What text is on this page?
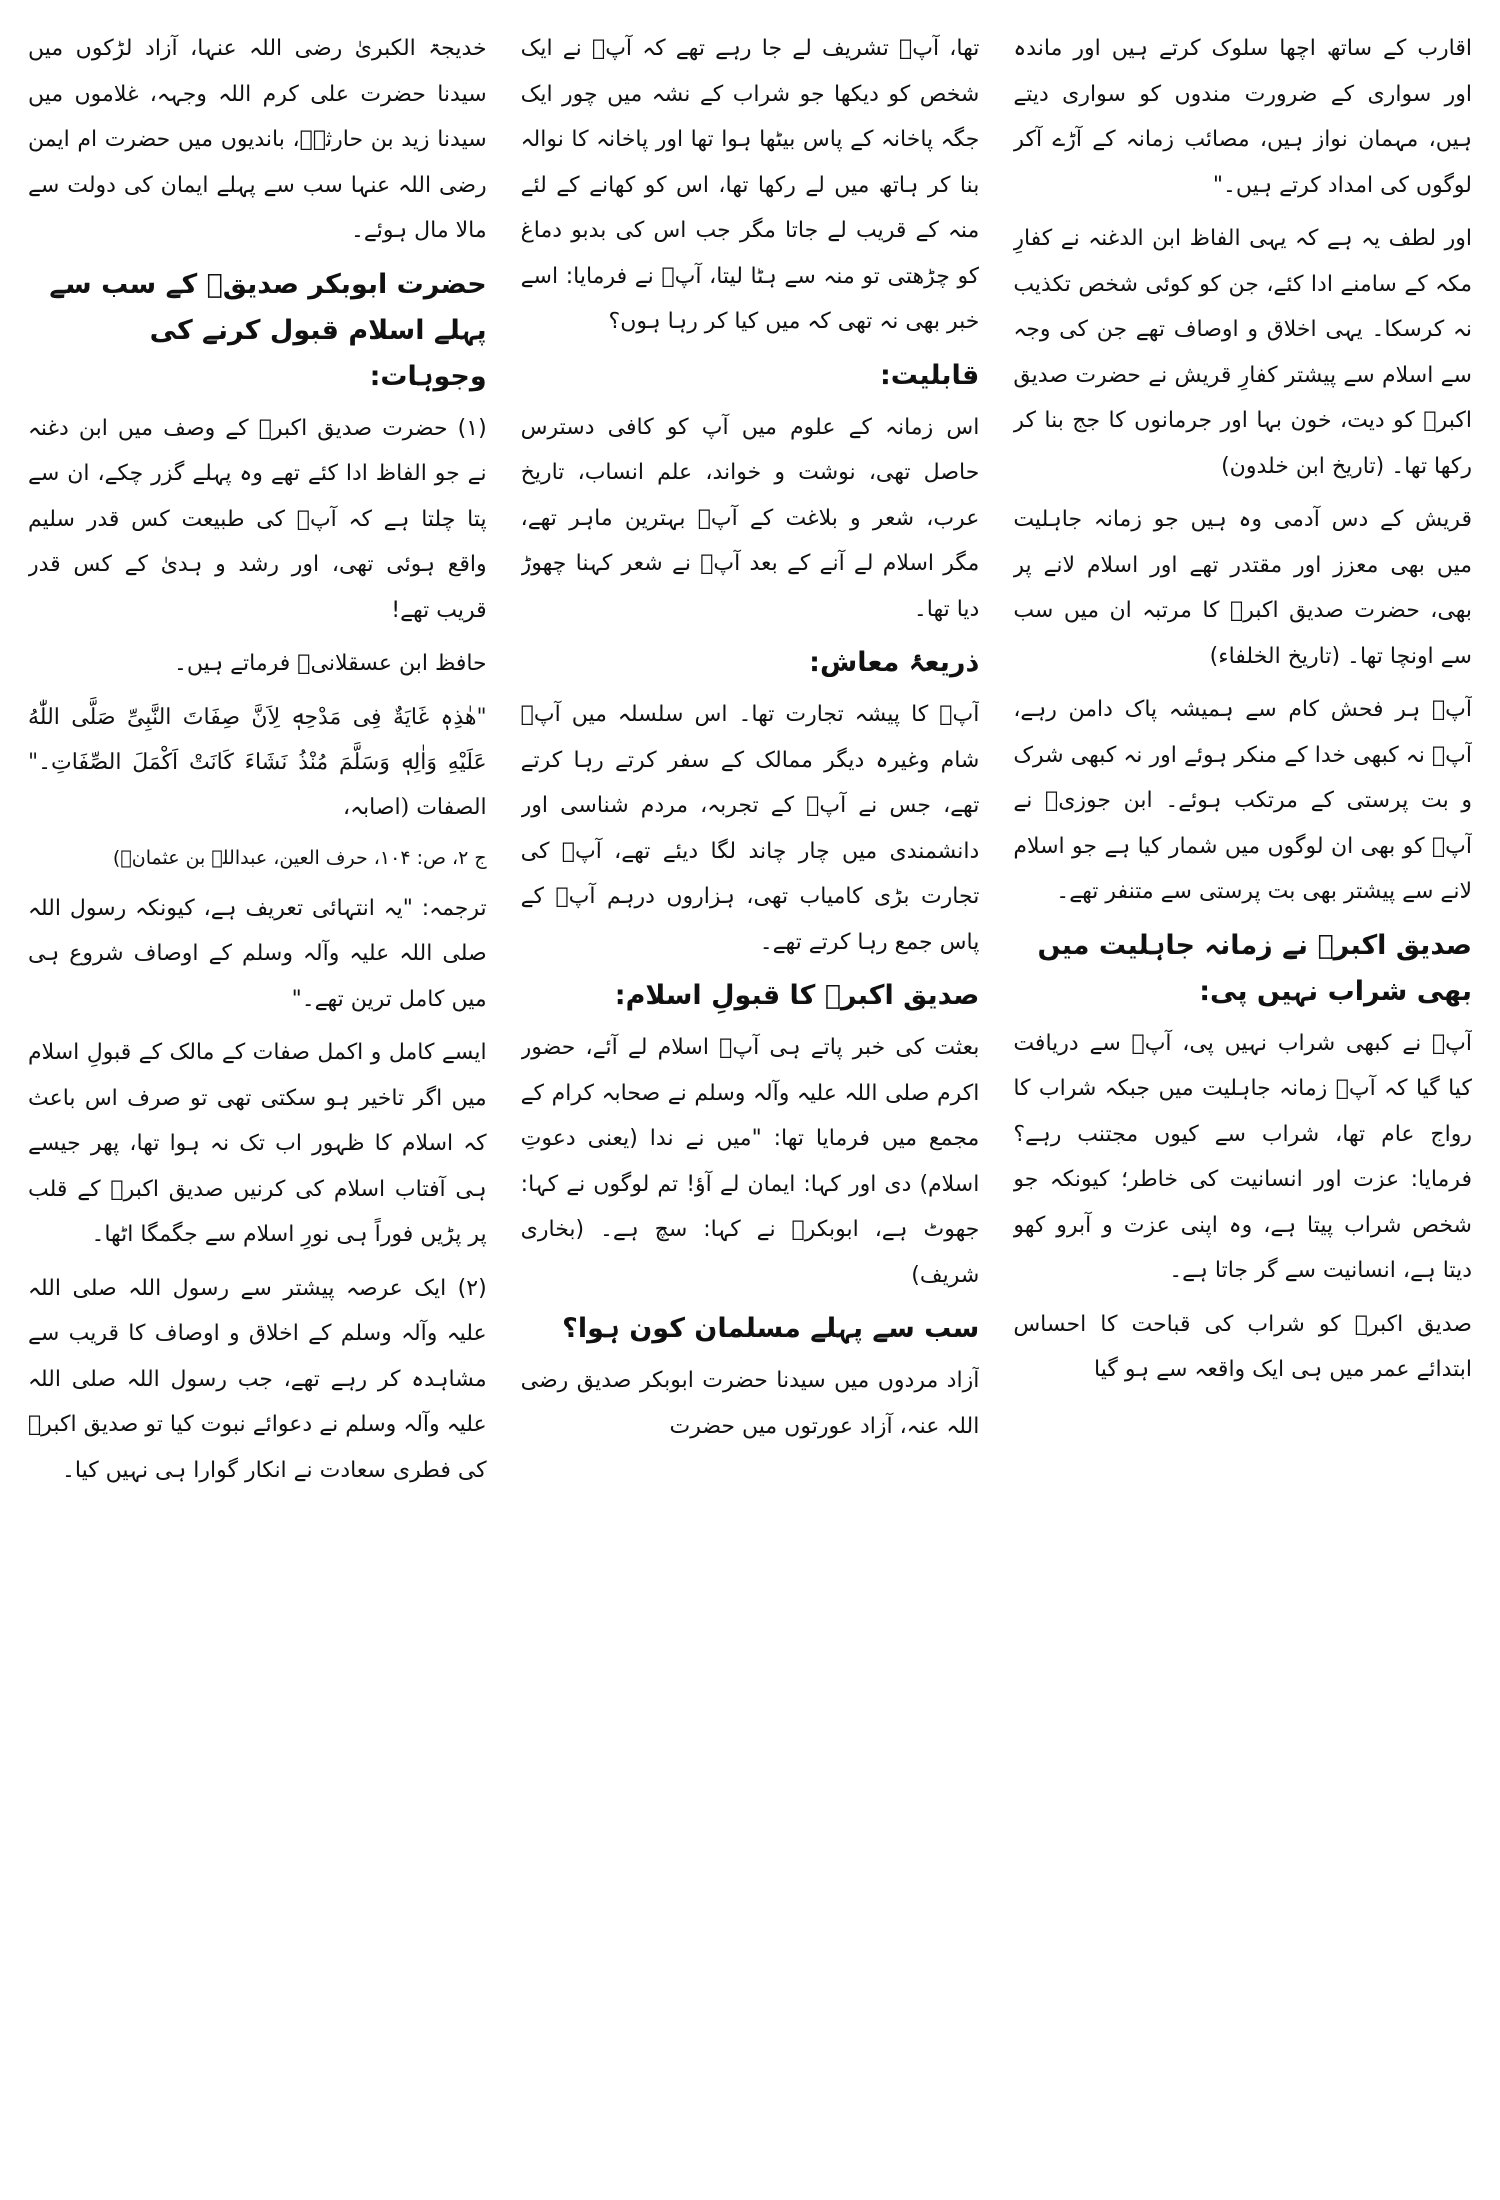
اقارب کے ساتھ اچھا سلوک کرتے ہیں اور ماندہ اور سواری کے ضرورت مندوں کو سواری دیتے ہیں، مہمان نواز ہیں، مصائب زمانہ کے آڑے آکر لوگوں کی امداد کرتے ہیں۔"

اور لطف یہ ہے کہ یہی الفاظ ابن الدغنہ نے کفارِ مکہ کے سامنے ادا کئے، جن کو کوئی شخص تکذیب نہ کرسکا۔ یہی اخلاق و اوصاف تھے جن کی وجہ سے اسلام سے پیشتر کفارِ قریش نے حضرت صدیق اکبرؓ کو دیت، خون بہا اور جرمانوں کا جج بنا کر رکھا تھا۔ (تاریخ ابن خلدون)

قریش کے دس آدمی وہ ہیں جو زمانہ جاہلیت میں بھی معزز اور مقتدر تھے اور اسلام لانے پر بھی، حضرت صدیق اکبرؓ کا مرتبہ ان میں سب سے اونچا تھا۔ (تاریخ الخلفاء)

آپؓ ہر فحش کام سے ہمیشہ پاک دامن رہے، آپؓ نہ کبھی خدا کے منکر ہوئے اور نہ کبھی شرک و بت پرستی کے مرتکب ہوئے۔ ابن جوزیؒ نے آپؓ کو بھی ان لوگوں میں شمار کیا ہے جو اسلام لانے سے پیشتر بھی بت پرستی سے متنفر تھے۔

صدیق اکبرؓ نے زمانہ جاہلیت میں بھی شراب نہیں پی:

آپؓ نے کبھی شراب نہیں پی، آپؓ سے دریافت کیا گیا کہ آپؓ زمانہ جاہلیت میں جبکہ شراب کا رواج عام تھا، شراب سے کیوں مجتنب رہے؟ فرمایا: عزت اور انسانیت کی خاطر؛ کیونکہ جو شخص شراب پیتا ہے، وہ اپنی عزت و آبرو کھو دیتا ہے، انسانیت سے گر جاتا ہے۔

صدیق اکبرؓ کو شراب کی قباحت کا احساس ابتدائے عمر میں ہی ایک واقعہ سے ہو گیا

تھا، آپؓ تشریف لے جا رہے تھے کہ آپؓ نے ایک شخص کو دیکھا جو شراب کے نشہ میں چور ایک جگہ پاخانہ کے پاس بیٹھا ہوا تھا اور پاخانہ کا نوالہ بنا کر ہاتھ میں لے رکھا تھا، اس کو کھانے کے لئے منہ کے قریب لے جاتا مگر جب اس کی بدبو دماغ کو چڑھتی تو منہ سے ہٹا لیتا، آپؓ نے فرمایا: اسے خبر بھی نہ تھی کہ میں کیا کر رہا ہوں؟

قابلیت:

اس زمانہ کے علوم میں آپ کو کافی دسترس حاصل تھی، نوشت و خواند، علم انساب، تاریخ عرب، شعر و بلاغت کے آپؓ بہترین ماہر تھے، مگر اسلام لے آنے کے بعد آپؓ نے شعر کہنا چھوڑ دیا تھا۔

ذریعۂ معاش:

آپؓ کا پیشہ تجارت تھا۔ اس سلسلہ میں آپؓ شام وغیرہ دیگر ممالک کے سفر کرتے رہا کرتے تھے، جس نے آپؓ کے تجربہ، مردم شناسی اور دانشمندی میں چار چاند لگا دیئے تھے، آپؓ کی تجارت بڑی کامیاب تھی، ہزاروں درہم آپؓ کے پاس جمع رہا کرتے تھے۔

صدیق اکبرؓ کا قبولِ اسلام:

بعثت کی خبر پاتے ہی آپؓ اسلام لے آئے، حضور اکرم صلی اللہ علیہ وآلہ وسلم نے صحابہ کرام کے مجمع میں فرمایا تھا: "میں نے ندا (یعنی دعوتِ اسلام) دی اور کہا: ایمان لے آؤ! تم لوگوں نے کہا: جھوٹ ہے، ابوبکرؓ نے کہا: سچ ہے۔ (بخاری شریف)

سب سے پہلے مسلمان کون ہوا؟

آزاد مردوں میں سیدنا حضرت ابوبکر صدیق رضی اللہ عنہ، آزاد عورتوں میں حضرت

خدیجۃ الکبریٰ رضی اللہ عنہا، آزاد لڑکوں میں سیدنا حضرت علی کرم اللہ وجہہ، غلاموں میں سیدنا زید بن حارثہؓ، باندیوں میں حضرت ام ایمن رضی اللہ عنہا سب سے پہلے ایمان کی دولت سے مالا مال ہوئے۔

حضرت ابوبکر صدیقؓ کے سب سے پہلے اسلام قبول کرنے کی وجوہات:

(۱) حضرت صدیق اکبرؓ کے وصف میں ابن دغنہ نے جو الفاظ ادا کئے تھے وہ پہلے گزر چکے، ان سے پتا چلتا ہے کہ آپؓ کی طبیعت کس قدر سلیم واقع ہوئی تھی، اور رشد و ہدیٰ کے کس قدر قریب تھے!

حافظ ابن عسقلانیؒ فرماتے ہیں۔

"ھٰذِهٖ غَایَةٌ فِی مَدْحِهٖ لِاَنَّ صِفَاتَ النَّبِیِّ صَلَّی اللّٰهُ عَلَیْهِ وَاٰلِهٖ وَسَلَّمَ مُنْذُ نَشَاءَ کَانَتْ اَکْمَلَ الصِّفَاتِ۔" الصفات (اصابہ،

ج ۲، ص: ۱۰۴، حرف العین، عبداللہ بن عثمانؓ)

ترجمہ: "یہ انتہائی تعریف ہے، کیونکہ رسول اللہ صلی اللہ علیہ وآلہ وسلم کے اوصاف شروع ہی میں کامل ترین تھے۔"

ایسے کامل و اکمل صفات کے مالک کے قبولِ اسلام میں اگر تاخیر ہو سکتی تھی تو صرف اس باعث کہ اسلام کا ظہور اب تک نہ ہوا تھا، پھر جیسے ہی آفتاب اسلام کی کرنیں صدیق اکبرؓ کے قلب پر پڑیں فوراً ہی نورِ اسلام سے جگمگا اٹھا۔

(۲) ایک عرصہ پیشتر سے رسول اللہ صلی اللہ علیہ وآلہ وسلم کے اخلاق و اوصاف کا قریب سے مشاہدہ کر رہے تھے، جب رسول اللہ صلی اللہ علیہ وآلہ وسلم نے دعوائے نبوت کیا تو صدیق اکبرؓ کی فطری سعادت نے انکار گوارا ہی نہیں کیا۔
